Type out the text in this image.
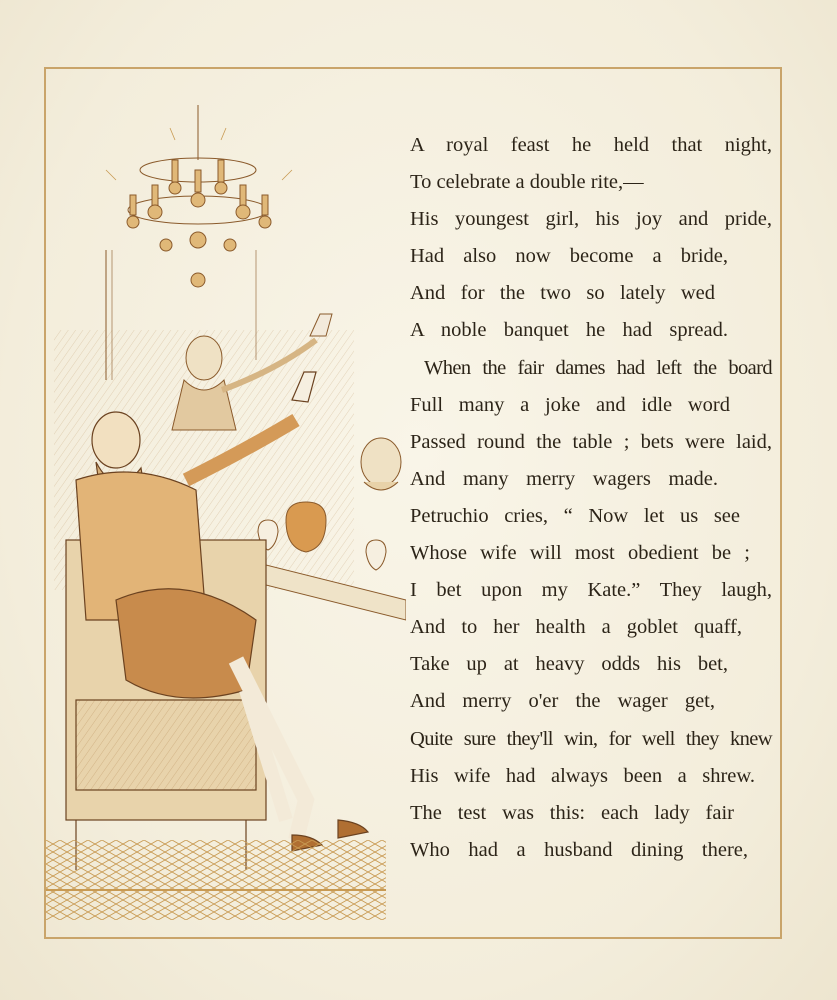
A royal feast he held that night,
To celebrate a double rite,—
His youngest girl, his joy and pride,
Had also now become a bride,
And for the two so lately wed
A noble banquet he had spread.
When the fair dames had left the board
Full many a joke and idle word
Passed round the table ; bets were laid,
And many merry wagers made.
Petruchio cries, “ Now let us see
Whose wife will most obedient be ;
I bet upon my Kate.” They laugh,
And to her health a goblet quaff,
Take up at heavy odds his bet,
And merry o'er the wager get,
Quite sure they'll win, for well they knew
His wife had always been a shrew.
The test was this: each lady fair
Who had a husband dining there,
